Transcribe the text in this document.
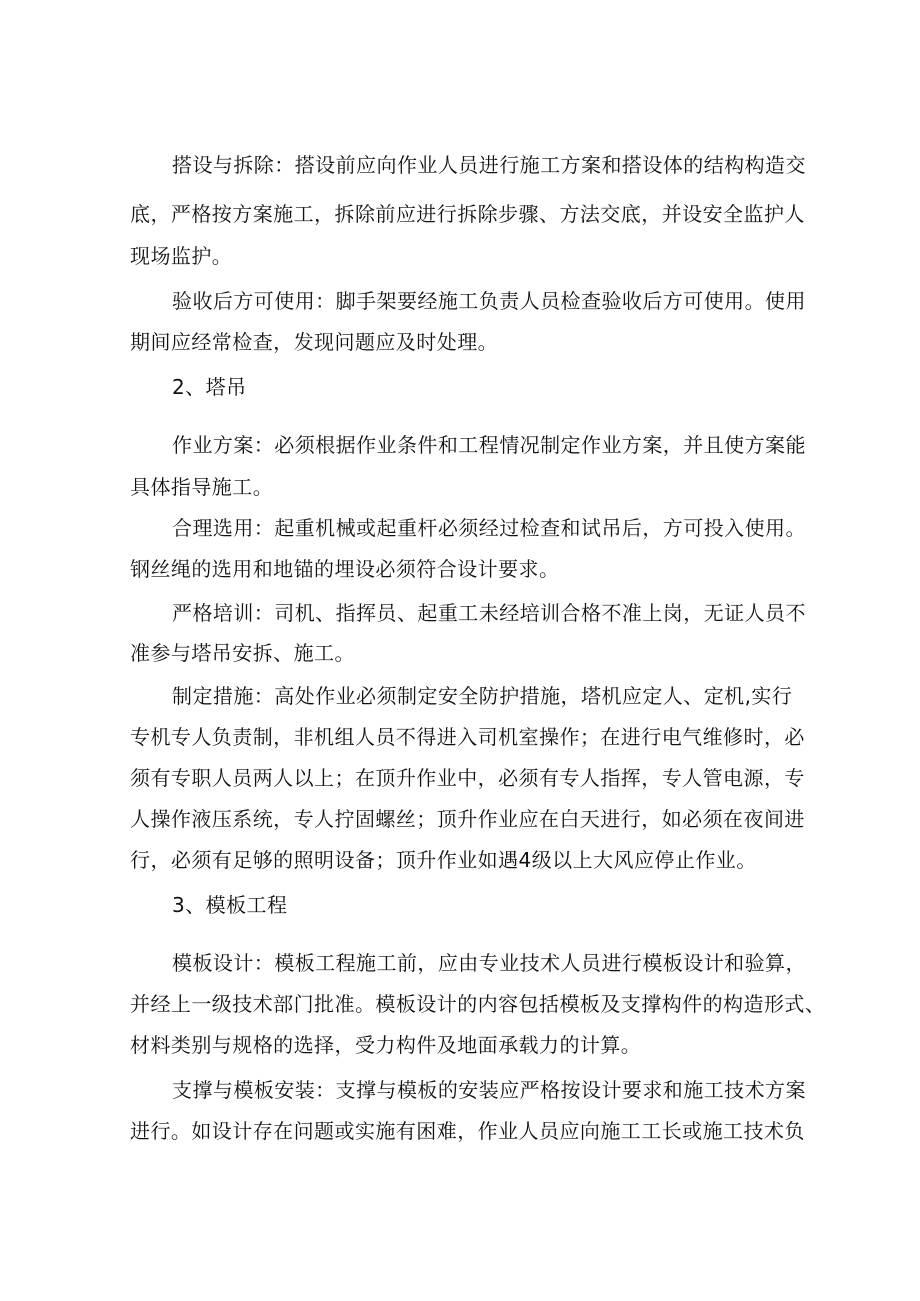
搭设与拆除：搭设前应向作业人员进行施工方案和搭设体的结构构造交
底，严格按方案施工，拆除前应进行拆除步骤、方法交底，并设安全监护人
现场监护。
验收后方可使用：脚手架要经施工负责人员检查验收后方可使用。使用
期间应经常检查，发现问题应及时处理。
2、塔吊
作业方案：必须根据作业条件和工程情况制定作业方案，并且使方案能
具体指导施工。
合理选用：起重机械或起重杆必须经过检查和试吊后，方可投入使用。
钢丝绳的选用和地锚的埋设必须符合设计要求。
严格培训：司机、指挥员、起重工未经培训合格不准上岗，无证人员不
准参与塔吊安拆、施工。
制定措施：高处作业必须制定安全防护措施，塔机应定人、定机,实行
专机专人负责制，非机组人员不得进入司机室操作；在进行电气维修时，必
须有专职人员两人以上；在顶升作业中，必须有专人指挥，专人管电源，专
人操作液压系统，专人拧固螺丝；顶升作业应在白天进行，如必须在夜间进
行，必须有足够的照明设备；顶升作业如遇4级以上大风应停止作业。
3、模板工程
模板设计：模板工程施工前，应由专业技术人员进行模板设计和验算，
并经上一级技术部门批准。模板设计的内容包括模板及支撑构件的构造形式、
材料类别与规格的选择，受力构件及地面承载力的计算。
支撑与模板安装：支撑与模板的安装应严格按设计要求和施工技术方案
进行。如设计存在问题或实施有困难，作业人员应向施工工长或施工技术负
